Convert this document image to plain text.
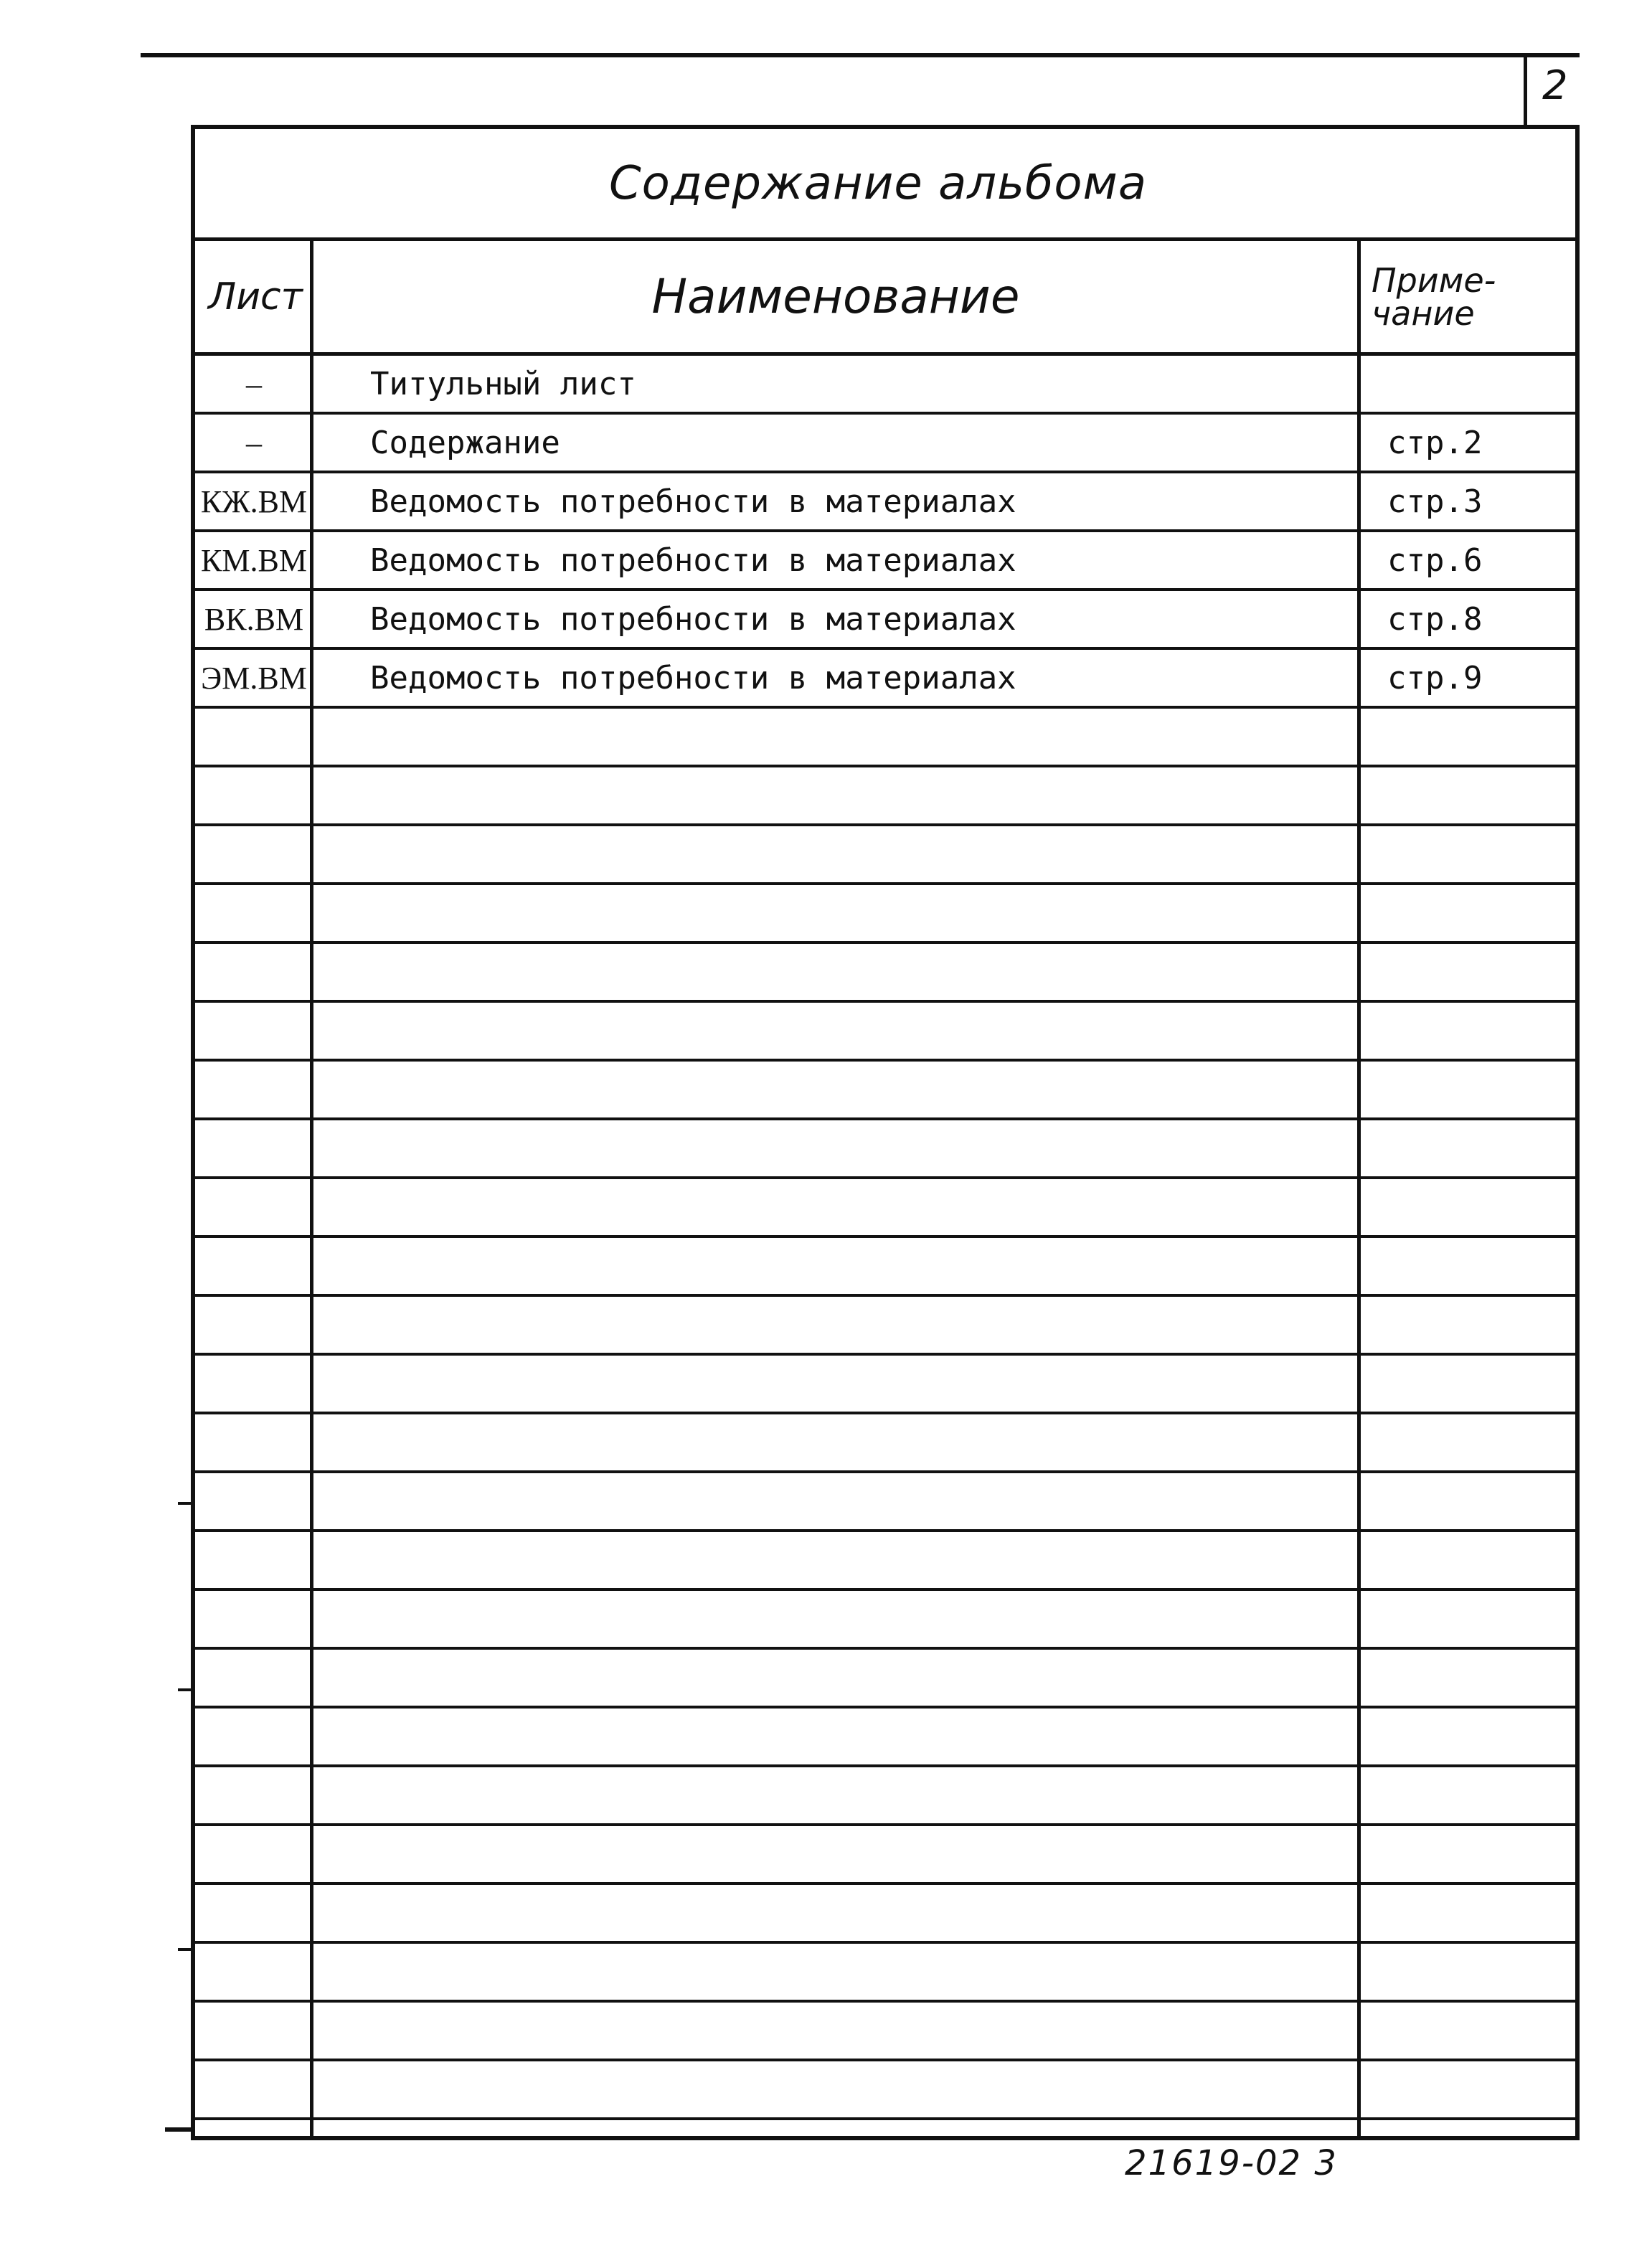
2
Содержание альбома
Лист	Наименование	Приме-
чание
–	Титульный лист
–	Содержание	стр.2
КЖ.ВМ Ведомость потребности в материалах	стр.3
КМ.ВМ Ведомость потребности в материалах	стр.6
ВК.ВМ Ведомость потребности в материалах	стр.8
ЭМ.ВМ Ведомость потребности в материалах	стр.9
21619-02 3
